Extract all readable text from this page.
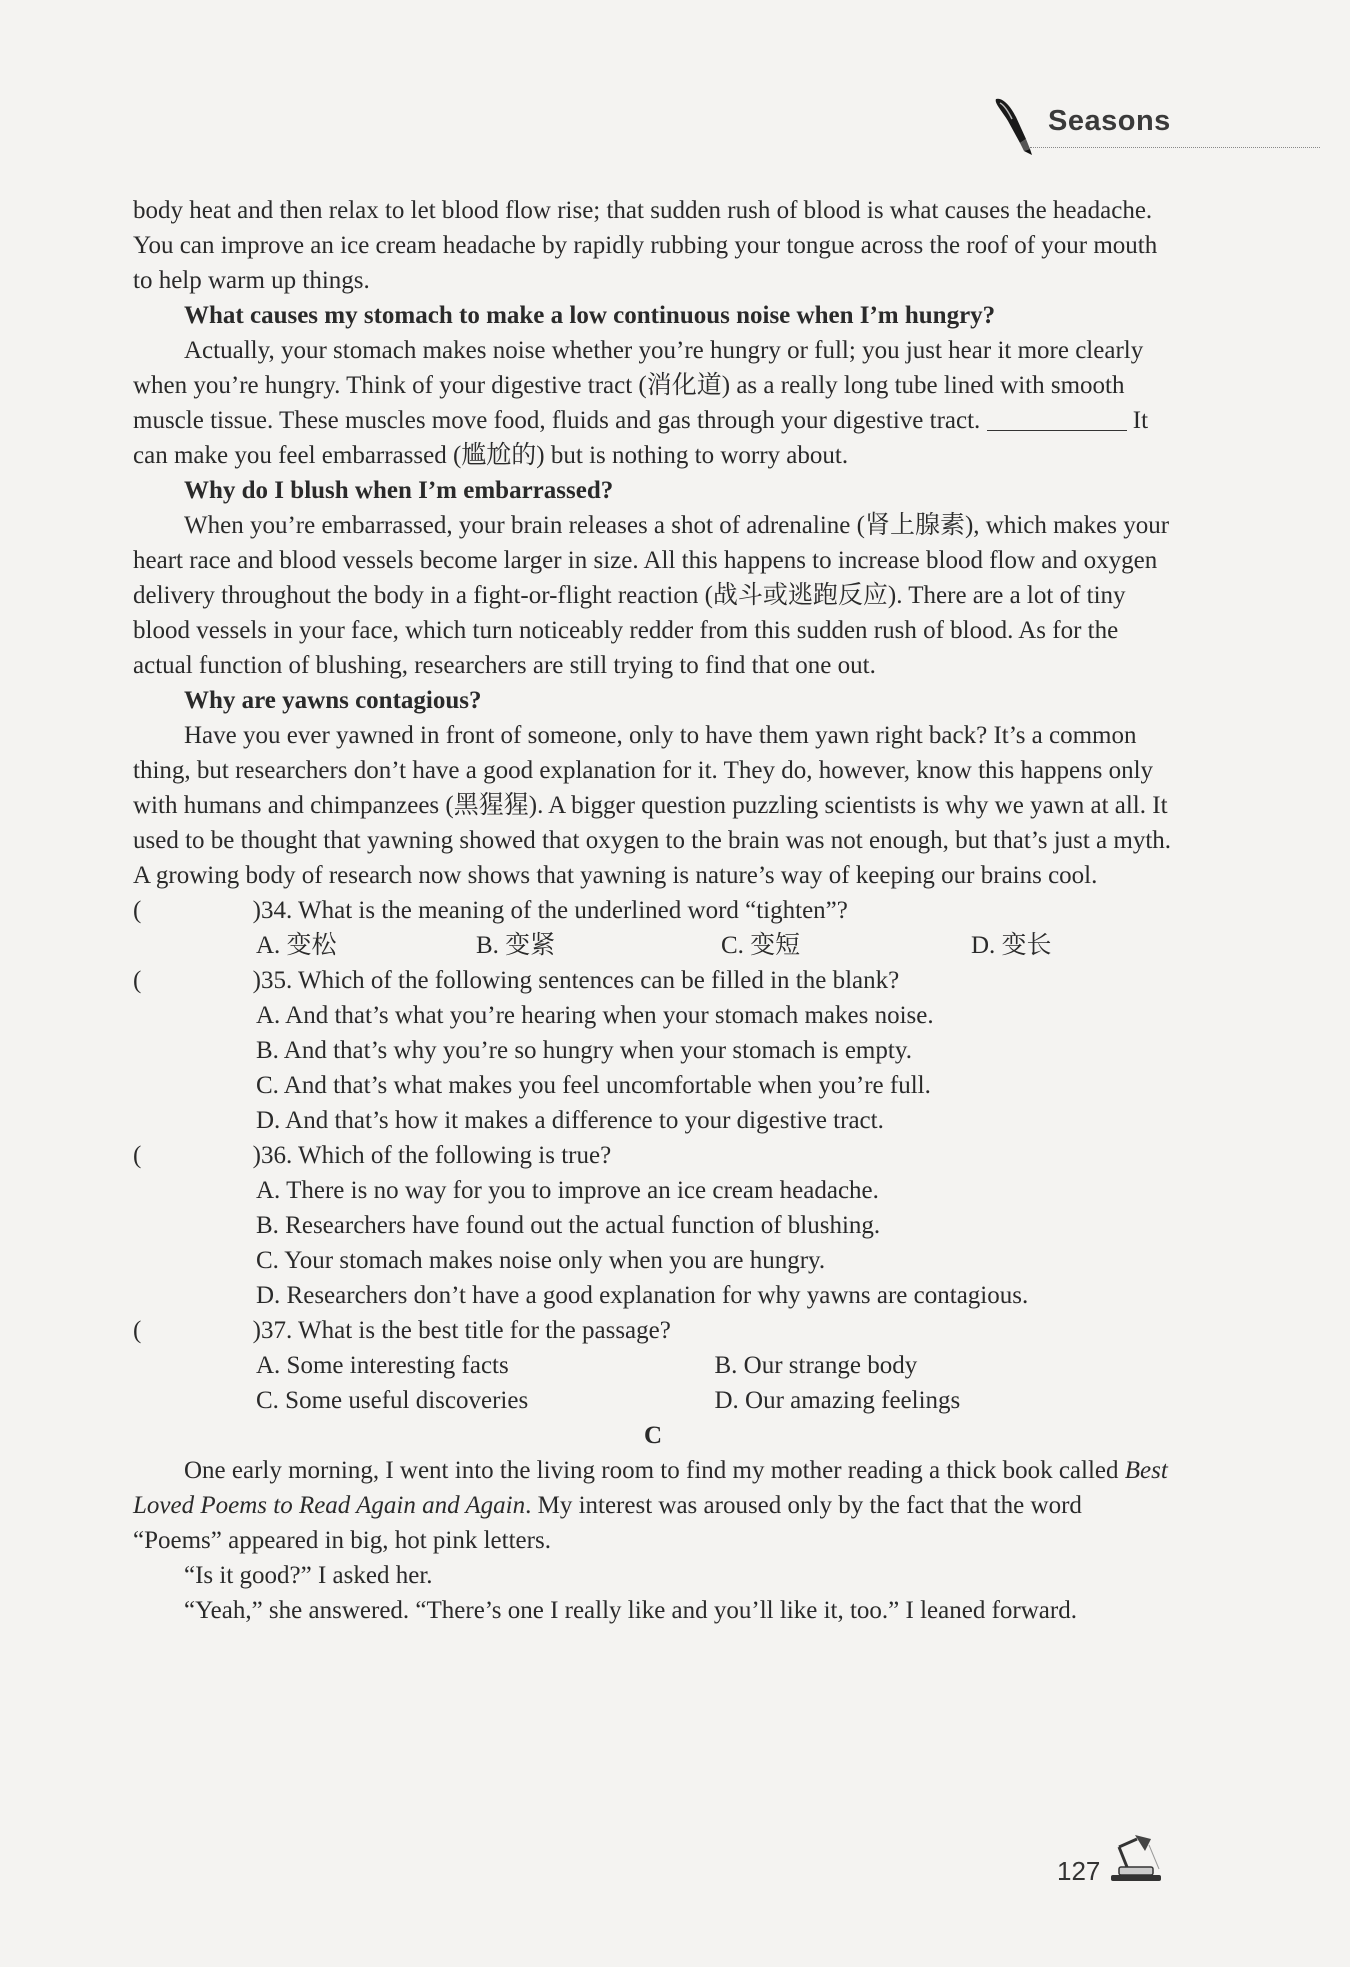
Seasons

body heat and then relax to let blood flow rise; that sudden rush of blood is what causes the headache. You can improve an ice cream headache by rapidly rubbing your tongue across the roof of your mouth to help warm up things.

What causes my stomach to make a low continuous noise when I’m hungry?

Actually, your stomach makes noise whether you’re hungry or full; you just hear it more clearly when you’re hungry. Think of your digestive tract (消化道) as a really long tube lined with smooth muscle tissue. These muscles move food, fluids and gas through your digestive tract.	It can make you feel embarrassed (尴尬的) but is nothing to worry about.

Why do I blush when I’m embarrassed?

When you’re embarrassed, your brain releases a shot of adrenaline (肾上腺素), which makes your heart race and blood vessels become larger in size. All this happens to increase blood flow and oxygen delivery throughout the body in a fight-or-flight reaction (战斗或逃跑反应). There are a lot of tiny blood vessels in your face, which turn noticeably redder from this sudden rush of blood. As for the actual function of blushing, researchers are still trying to find that one out.

Why are yawns contagious?

Have you ever yawned in front of someone, only to have them yawn right back? It’s a common thing, but researchers don’t have a good explanation for it. They do, however, know this happens only with humans and chimpanzees (黑猩猩). A bigger question puzzling scientists is why we yawn at all. It used to be thought that yawning showed that oxygen to the brain was not enough, but that’s just a myth. A growing body of research now shows that yawning is nature’s way of keeping our brains cool.

(	) 34. What is the meaning of the underlined word “tighten”?
A. 变松	B. 变紧	C. 变短	D. 变长
(	) 35. Which of the following sentences can be filled in the blank?

A. And that’s what you’re hearing when your stomach makes noise.

B. And that’s why you’re so hungry when your stomach is empty.

C. And that’s what makes you feel uncomfortable when you’re full.

D. And that’s how it makes a difference to your digestive tract.

(	) 36. Which of the following is true?

A. There is no way for you to improve an ice cream headache.

B. Researchers have found out the actual function of blushing.

C. Your stomach makes noise only when you are hungry.

D. Researchers don’t have a good explanation for why yawns are contagious.

(	) 37. What is the best title for the passage?
A. Some interesting facts	B. Our strange body
C. Some useful discoveries	D. Our amazing feelings

C

One early morning, I went into the living room to find my mother reading a thick book called Best Loved Poems to Read Again and Again. My interest was aroused only by the fact that the word “Poems” appeared in big, hot pink letters.

“Is it good?” I asked her.

“Yeah,” she answered. “There’s one I really like and you’ll like it, too.” I leaned forward.

127
